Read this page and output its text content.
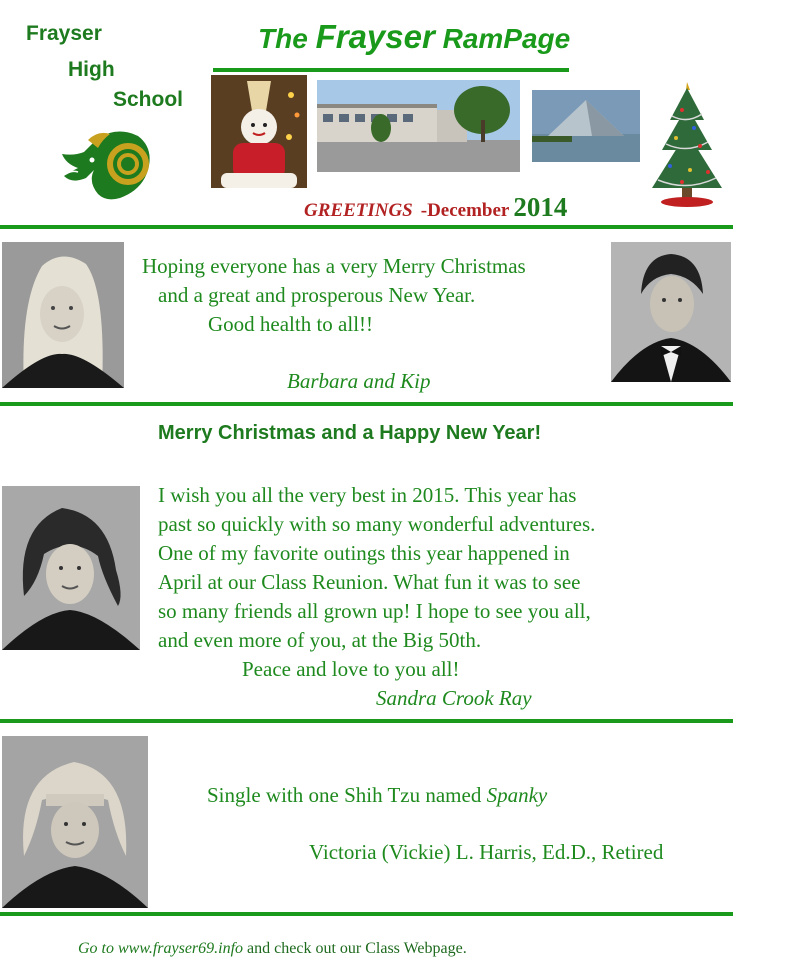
Frayser
High
School
The Frayser RamPage
GREETINGS -December 2014
Hoping everyone has a very Merry Christmas
and a great and prosperous New Year.
Good health to all!!
Barbara and Kip
Merry Christmas and a Happy New Year!
I wish you all the very best in 2015. This year has
past so quickly with so many wonderful adventures.
One of my favorite outings this year happened in
April at our Class Reunion. What fun it was to see
so many friends all grown up! I hope to see you all,
and even more of you, at the Big 50th.
Peace and love to you all!
Sandra Crook Ray
Single with one Shih Tzu named Spanky
Victoria (Vickie) L. Harris, Ed.D., Retired
Go to www.frayser69.info and check out our Class Webpage.
